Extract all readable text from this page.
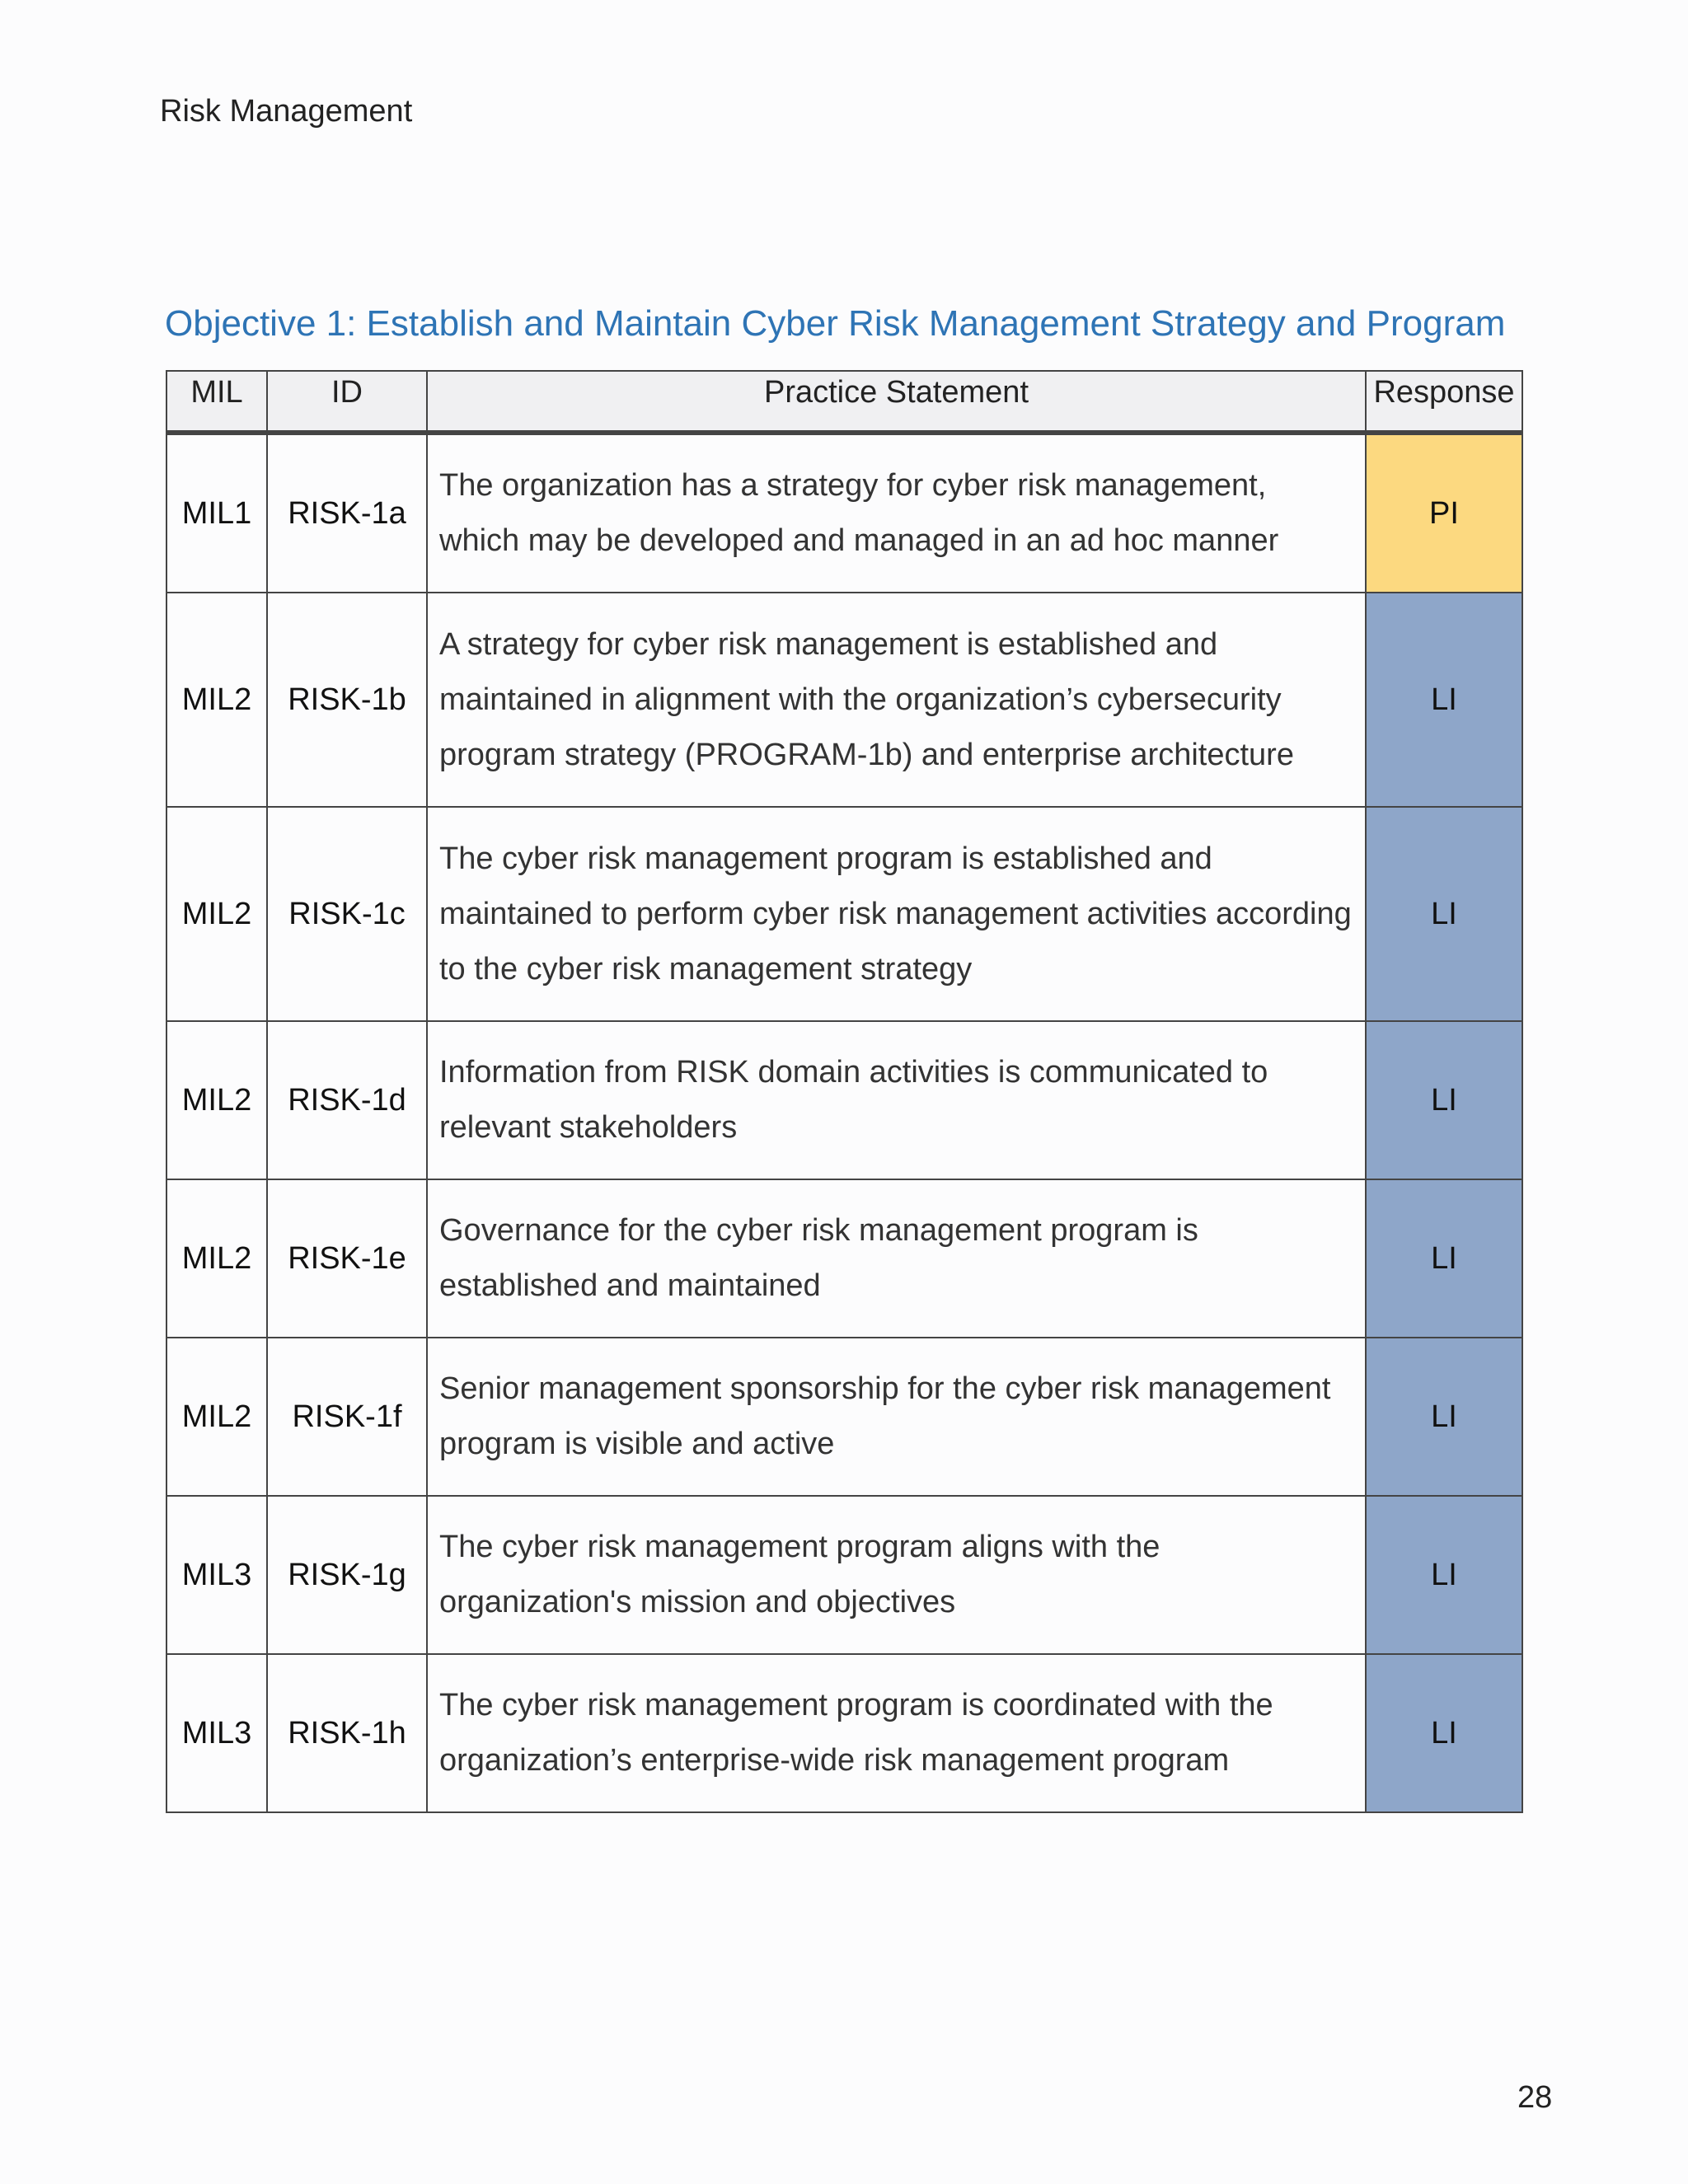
Risk Management
Objective 1: Establish and Maintain Cyber Risk Management Strategy and Program
MIL	ID	Practice Statement	Response
MIL1	RISK-1a	The organization has a strategy for cyber risk management, which may be developed and managed in an ad hoc manner	PI
MIL2	RISK-1b	A strategy for cyber risk management is established and maintained in alignment with the organization’s cybersecurity program strategy (PROGRAM-1b) and enterprise architecture	LI
MIL2	RISK-1c	The cyber risk management program is established and maintained to perform cyber risk management activities according to the cyber risk management strategy	LI
MIL2	RISK-1d	Information from RISK domain activities is communicated to relevant stakeholders	LI
MIL2	RISK-1e	Governance for the cyber risk management program is established and maintained	LI
MIL2	RISK-1f	Senior management sponsorship for the cyber risk management program is visible and active	LI
MIL3	RISK-1g	The cyber risk management program aligns with the organization's mission and objectives	LI
MIL3	RISK-1h	The cyber risk management program is coordinated with the organization’s enterprise-wide risk management program	LI
28
